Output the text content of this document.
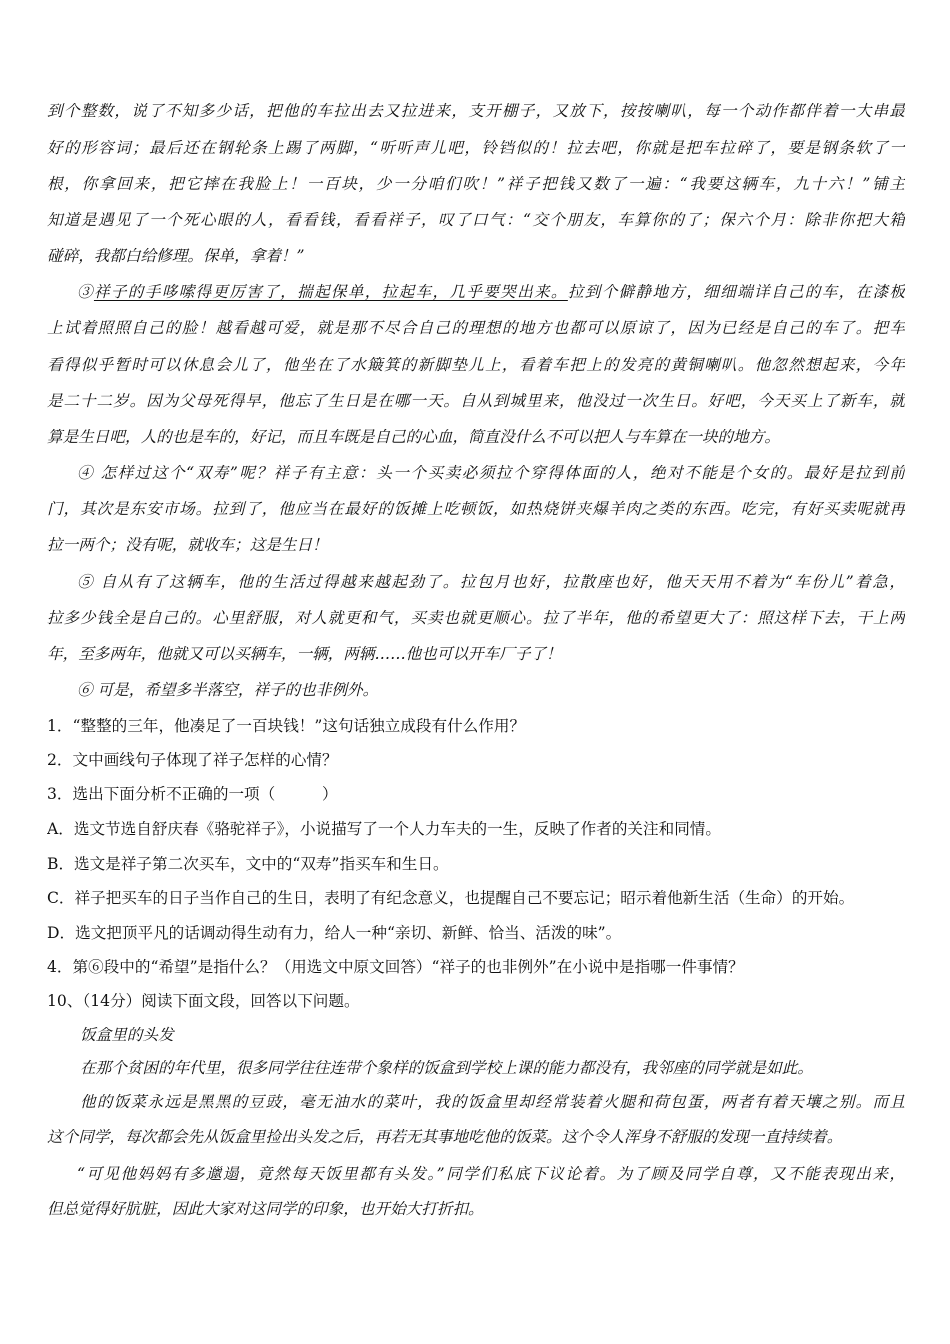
到个整数，说了不知多少话，把他的车拉出去又拉进来，支开棚子，又放下，按按喇叭，每一个动作都伴着一大串最
好的形容词；最后还在钢轮条上踢了两脚，“听听声儿吧，铃铛似的！拉去吧，你就是把车拉碎了，要是钢条软了一
根，你拿回来，把它摔在我脸上！一百块，少一分咱们吹！”祥子把钱又数了一遍：“我要这辆车，九十六！”铺主
知道是遇见了一个死心眼的人，看看钱，看看祥子，叹了口气：“交个朋友，车算你的了；保六个月：除非你把大箱
碰碎，我都白给修理。保单，拿着！”
③祥子的手哆嗦得更厉害了，揣起保单，拉起车，几乎要哭出来。拉到个僻静地方，细细端详自己的车，在漆板
上试着照照自己的脸！越看越可爱，就是那不尽合自己的理想的地方也都可以原谅了，因为已经是自己的车了。把车
看得似乎暂时可以休息会儿了，他坐在了水簸箕的新脚垫儿上，看着车把上的发亮的黄铜喇叭。他忽然想起来，今年
是二十二岁。因为父母死得早，他忘了生日是在哪一天。自从到城里来，他没过一次生日。好吧，今天买上了新车，就
算是生日吧，人的也是车的，好记，而且车既是自己的心血，简直没什么不可以把人与车算在一块的地方。
④ 怎样过这个“双寿”呢？祥子有主意：头一个买卖必须拉个穿得体面的人，绝对不能是个女的。最好是拉到前
门，其次是东安市场。拉到了，他应当在最好的饭摊上吃顿饭，如热烧饼夹爆羊肉之类的东西。吃完，有好买卖呢就再
拉一两个；没有呢，就收车；这是生日！
⑤ 自从有了这辆车，他的生活过得越来越起劲了。拉包月也好，拉散座也好，他天天用不着为“车份儿”着急，
拉多少钱全是自己的。心里舒服，对人就更和气，买卖也就更顺心。拉了半年，他的希望更大了：照这样下去，干上两
年，至多两年，他就又可以买辆车，一辆，两辆……他也可以开车厂子了！
⑥ 可是，希望多半落空，祥子的也非例外。
1．“整整的三年，他凑足了一百块钱！”这句话独立成段有什么作用？
2．文中画线句子体现了祥子怎样的心情？
3．选出下面分析不正确的一项（　　　）
A．选文节选自舒庆春《骆驼祥子》，小说描写了一个人力车夫的一生，反映了作者的关注和同情。
B．选文是祥子第二次买车，文中的“双寿”指买车和生日。
C．祥子把买车的日子当作自己的生日，表明了有纪念意义，也提醒自己不要忘记；昭示着他新生活（生命）的开始。
D．选文把顶平凡的话调动得生动有力，给人一种“亲切、新鲜、恰当、活泼的味”。
4．第⑥段中的“希望”是指什么？（用选文中原文回答）“祥子的也非例外”在小说中是指哪一件事情？
10、（14分）阅读下面文段，回答以下问题。
饭盒里的头发
在那个贫困的年代里，很多同学往往连带个象样的饭盒到学校上课的能力都没有，我邻座的同学就是如此。
他的饭菜永远是黑黑的豆豉，毫无油水的菜叶，我的饭盒里却经常装着火腿和荷包蛋，两者有着天壤之别。而且
这个同学，每次都会先从饭盒里捡出头发之后，再若无其事地吃他的饭菜。这个令人浑身不舒服的发现一直持续着。
“可见他妈妈有多邋遢，竟然每天饭里都有头发。”同学们私底下议论着。为了顾及同学自尊，又不能表现出来，
但总觉得好肮脏，因此大家对这同学的印象，也开始大打折扣。
